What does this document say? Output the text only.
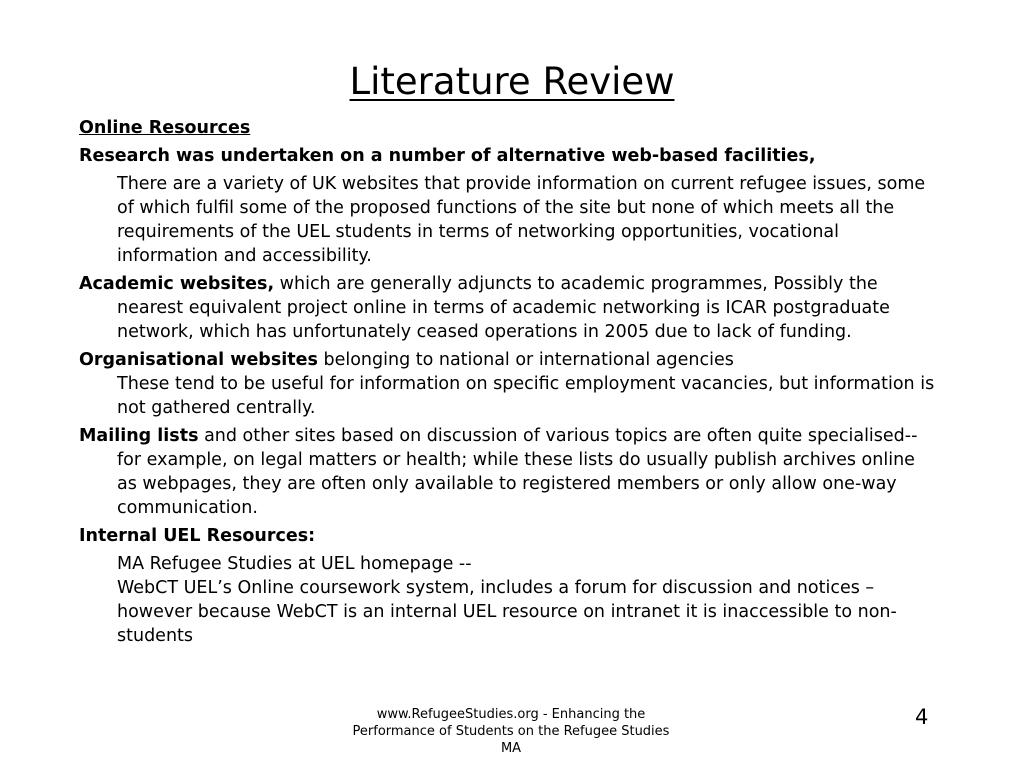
Literature Review
Online Resources
Research was undertaken on a number of alternative web-based facilities,
There are a variety of UK websites that provide information on current refugee issues, some of which fulfil some of the proposed functions of the site but none of which meets all the requirements of the UEL students in terms of networking opportunities, vocational information and accessibility.
Academic websites, which are generally adjuncts to academic programmes, Possibly the nearest equivalent project online in terms of academic networking is ICAR postgraduate network, which has unfortunately ceased operations in 2005 due to lack of funding.
Organisational websites belonging to national or international agencies
These tend to be useful for information on specific employment vacancies, but information is not gathered centrally.
Mailing lists and other sites based on discussion of various topics are often quite specialised--for example, on legal matters or health; while these lists do usually publish archives online as webpages, they are often only available to registered members or only allow one-way communication.
Internal UEL Resources:
MA Refugee Studies at UEL homepage --
WebCT UEL’s Online coursework system, includes a forum for discussion and notices – however because WebCT is an internal UEL resource on intranet it is inaccessible to non-students
www.RefugeeStudies.org - Enhancing the Performance of Students on the Refugee Studies MA
4
